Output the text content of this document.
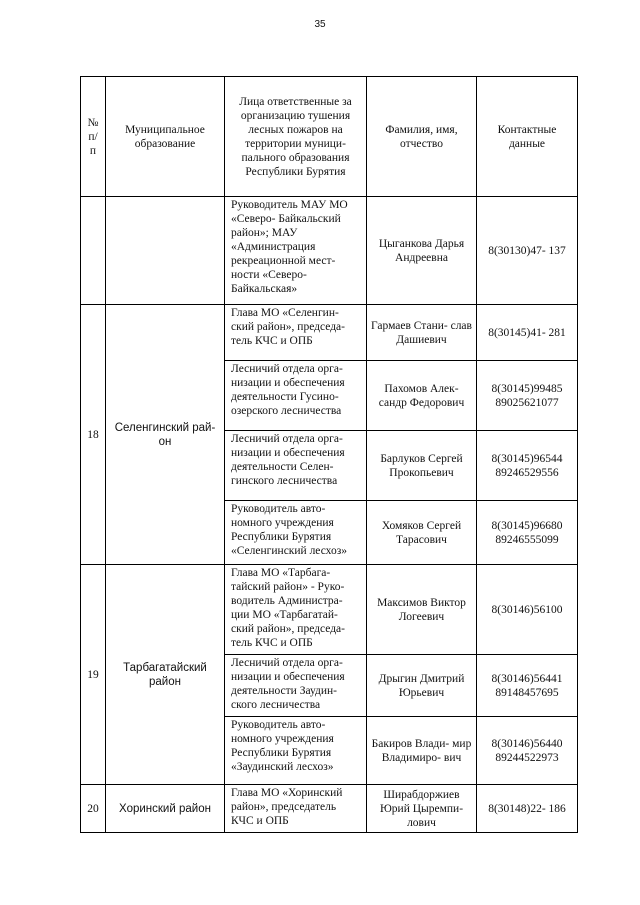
35
№ п/ п	Муниципальное образование	Лица ответственные за организацию тушения лесных пожаров на территории муници- пального образования Республики Бурятия	Фамилия, имя, отчество	Контактные данные
		Руководитель МАУ МО «Северо- Байкальский район»; МАУ «Администрация рекреационной мест- ности «Северо- Байкальская»	Цыганкова Дарья Андреевна	8(30130)47- 137
18	Селенгинский рай- он	Глава МО «Селенгин- ский район», председа- тель КЧС и ОПБ	Гармаев Стани- слав Дашиевич	8(30145)41- 281
		Лесничий отдела орга- низации и обеспечения деятельности Гусино- озерского лесничества	Пахомов Алек- сандр Федорович	8(30145)99485 89025621077
		Лесничий отдела орга- низации и обеспечения деятельности Селен- гинского лесничества	Барлуков Сергей Прокопьевич	8(30145)96544 89246529556
		Руководитель авто- номного учреждения Республики Бурятия «Селенгинский лесхоз»	Хомяков Сергей Тарасович	8(30145)96680 89246555099
19	Тарбагатайский район	Глава МО «Тарбага- тайский район» - Руко- водитель Администра- ции МО «Тарбагатай- ский район», председа- тель КЧС и ОПБ	Максимов Виктор Логеевич	8(30146)56100
		Лесничий отдела орга- низации и обеспечения деятельности Заудин- ского лесничества	Дрыгин Дмитрий Юрьевич	8(30146)56441 89148457695
		Руководитель авто- номного учреждения Республики Бурятия «Заудинский лесхоз»	Бакиров Влади- мир Владимиро- вич	8(30146)56440 89244522973
20	Хоринский район	Глава МО «Хоринский район», председатель КЧС и ОПБ	Ширабдоржиев Юрий Цыремпи- лович	8(30148)22- 186
